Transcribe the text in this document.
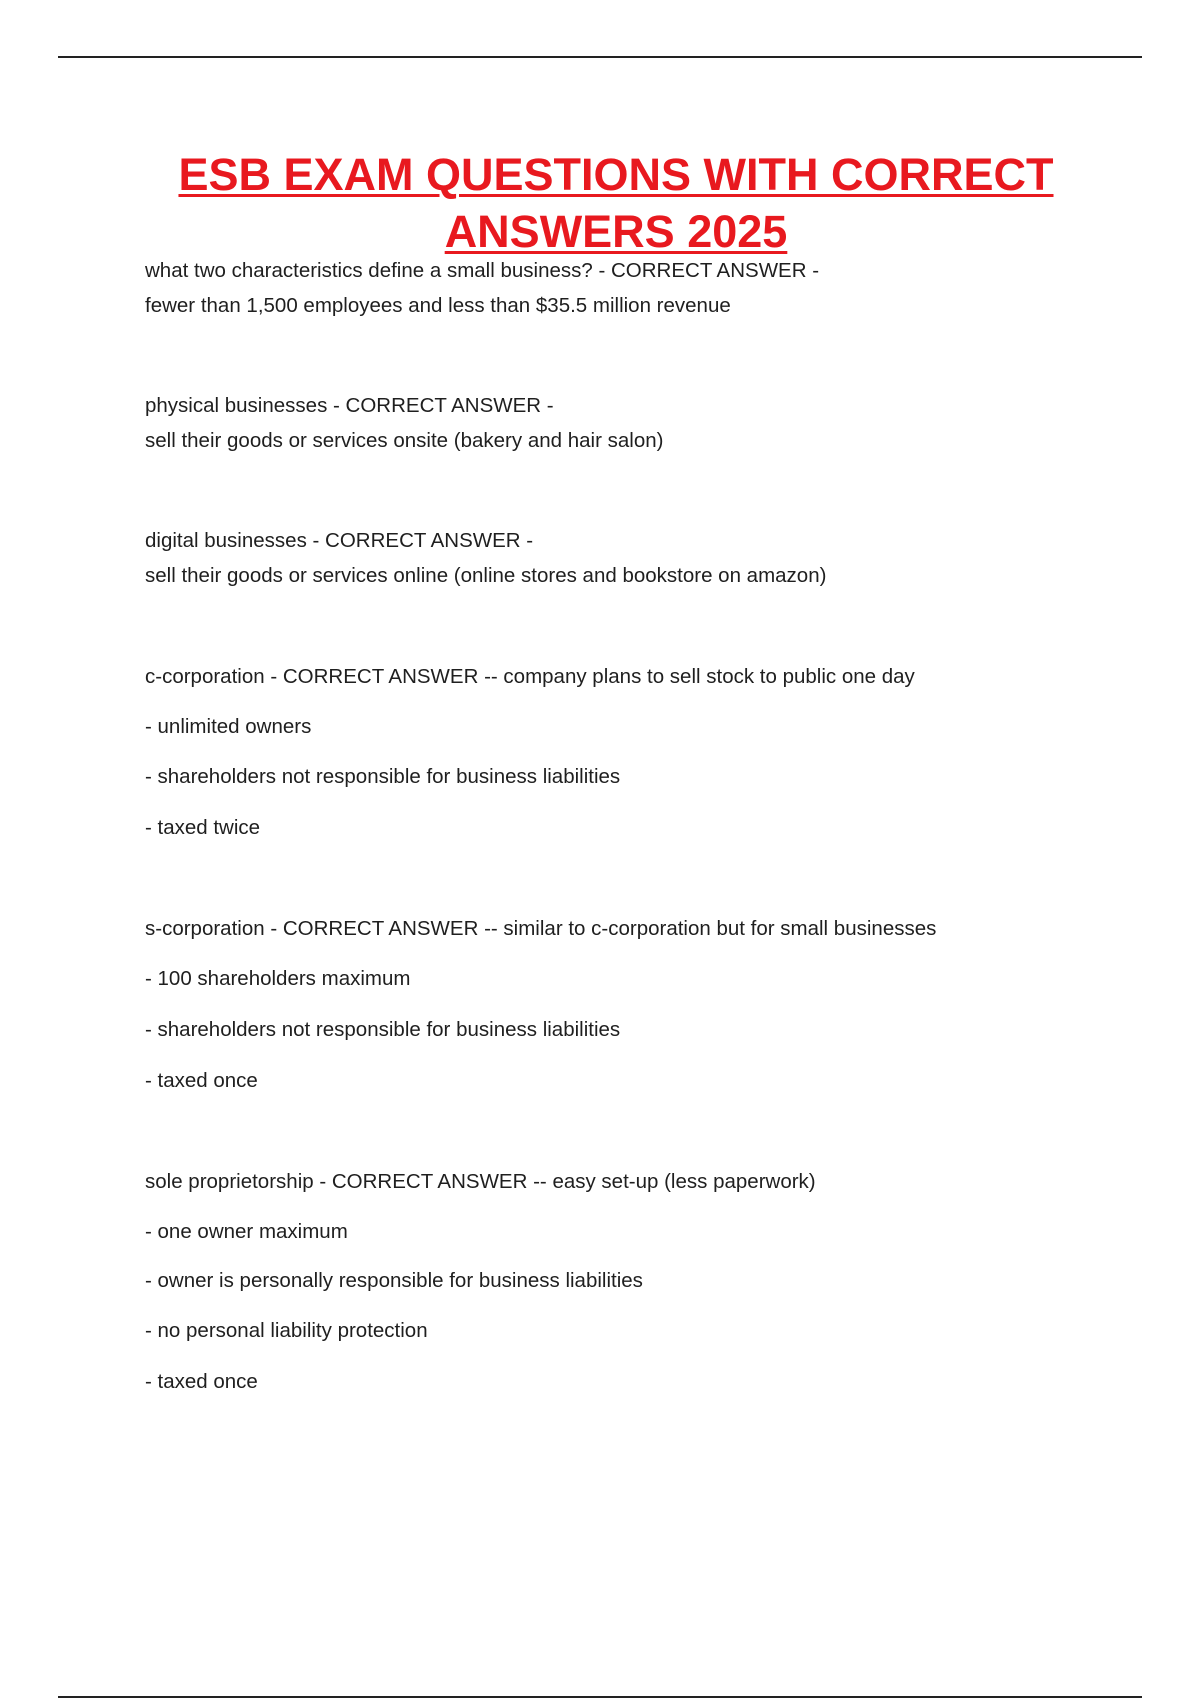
ESB EXAM QUESTIONS WITH CORRECT
ANSWERS 2025
what two characteristics define a small business? - CORRECT ANSWER -
fewer than 1,500 employees and less than $35.5 million revenue
physical businesses - CORRECT ANSWER -
sell their goods or services onsite (bakery and hair salon)
digital businesses - CORRECT ANSWER -
sell their goods or services online (online stores and bookstore on amazon)
c-corporation - CORRECT ANSWER -- company plans to sell stock to public one day
- unlimited owners
- shareholders not responsible for business liabilities
- taxed twice
s-corporation - CORRECT ANSWER -- similar to c-corporation but for small businesses
- 100 shareholders maximum
- shareholders not responsible for business liabilities
- taxed once
sole proprietorship - CORRECT ANSWER -- easy set-up (less paperwork)
- one owner maximum
- owner is personally responsible for business liabilities
- no personal liability protection
- taxed once
